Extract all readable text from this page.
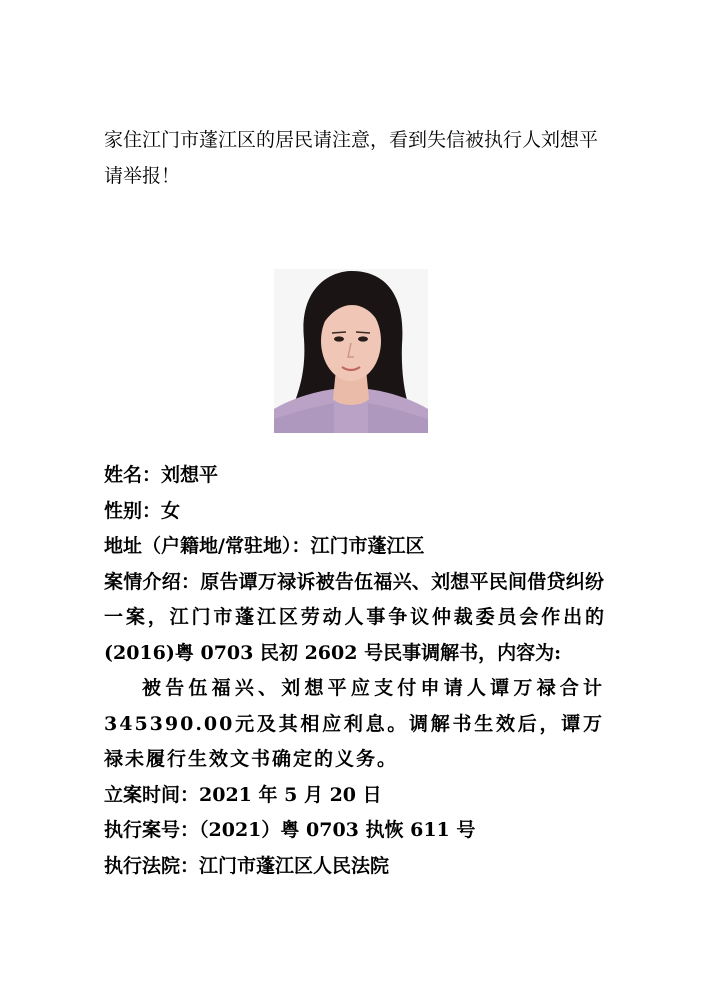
家住江门市蓬江区的居民请注意，看到失信被执行人刘想平请举报！

姓名：刘想平
性别：女
地址（户籍地/常驻地）：江门市蓬江区
案情介绍：原告谭万禄诉被告伍福兴、刘想平民间借贷纠纷一案，江门市蓬江区劳动人事争议仲裁委员会作出的(2016)粤 0703 民初 2602 号民事调解书，内容为:
被告伍福兴、刘想平应支付申请人谭万禄合计345390.00元及其相应利息。调解书生效后，谭万禄未履行生效文书确定的义务。
立案时间：2021 年 5 月 20 日
执行案号：（2021）粤 0703 执恢 611 号
执行法院：江门市蓬江区人民法院
